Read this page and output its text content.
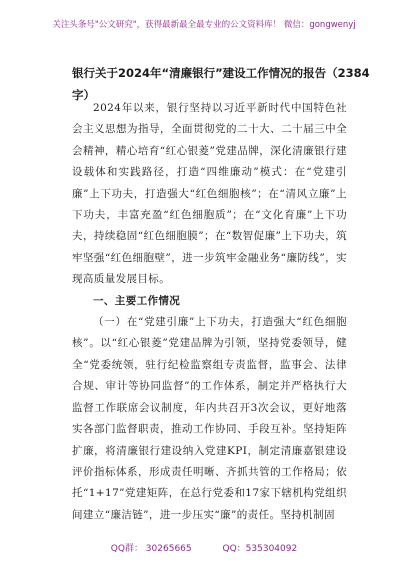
关注头条号"公文研究"，获得最新最全最专业的公文资料库！ 微信：gongwenyj
银行关于2024年“清廉银行”建设工作情况的报告（2384字）

2024年以来，银行坚持以习近平新时代中国特色社会主义思想为指导，全面贯彻党的二十大、二十届三中全会精神，精心培育“红心银菱”党建品牌，深化清廉银行建设载体和实践路径，打造“四维廉动”模式：在“党建引廉”上下功夫，打造强大“红色细胞核”；在“清风立廉”上下功夫，丰富充盈“红色细胞质”；在“文化育廉”上下功夫，持续稳固“红色细胞膜”；在“数智促廉”上下功夫，筑牢坚强“红色细胞壁”，进一步筑牢金融业务“廉防线”，实现高质量发展目标。

一、主要工作情况

（一）在“党建引廉”上下功夫，打造强大“红色细胞核”。以“红心银菱”党建品牌为引领，坚持党委领导，健全“党委统领，驻行纪检监察组专责监督，监事会、法律合规、审计等协同监督”的工作体系，制定并严格执行大监督工作联席会议制度，年内共召开3次会议，更好地落实各部门监督职责，推动工作协同、手段互补。坚持矩阵扩廉，将清廉银行建设纳入党建KPI，制定清廉嘉银建设评价指标体系，形成责任明晰、齐抓共管的工作格局；依托“1+17”党建矩阵，在总行党委和17家下辖机构党组织间建立“廉洁链”，进一步压实“廉”的责任。坚持机制固

QQ群： 30265665	QQ：535304092
